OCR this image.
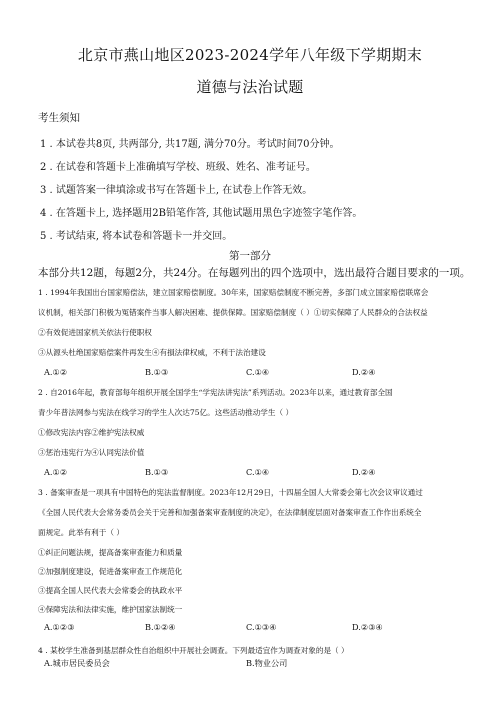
北京市燕山地区2023-2024学年八年级下学期期末
道德与法治试题
考生须知
1 . 本试卷共8页, 共两部分, 共17题, 满分70分。考试时间70分钟。
2 . 在试卷和答题卡上准确填写学校、班级、姓名、准考证号。
3 . 试题答案一律填涂或书写在答题卡上, 在试卷上作答无效。
4 . 在答题卡上, 选择题用2B铅笔作答, 其他试题用黑色字迹签字笔作答。
5 . 考试结束, 将本试卷和答题卡一并交回。
第一部分
本部分共12题，每题2分，共24分。在每题列出的四个选项中，选出最符合题目要求的一项。
1 . 1994年我国出台国家赔偿法，建立国家赔偿制度。30年来，国家赔偿制度不断完善，多部门成立国家赔偿联席会
议机制，相关部门积极为冤错案件当事人解决困难、提供保障。国家赔偿制度（ ）①切实保障了人民群众的合法权益
②有效促进国家机关依法行使职权
③从源头杜绝国家赔偿案件再发生④有損法律权威，不利于法治建设
A.①②	B.①③	C.①④	D.②④
2 . 自2016年起，教育部每年组织开展全国学生“学宪法讲宪法”系列活动。2023年以来，通过教育部全国
青少年普法网参与宪法在线学习的学生人次达75亿。这些活动推动学生（ ）
①修改宪法内容②维护宪法权威
③惩治违宪行为④认同宪法价值
A.①②	B.①③	C.①④	D.②④
3 . 备案审查是一项具有中国特色的宪法监督制度。2023年12月29日，十四届全国人大常委会第七次会议审议通过
《全国人民代表大会常务委员会关于完善和加强备案审查制度的决定》，在法律制度层面对备案审查工作作出系统全
面规定。此举有利于（ ）
①纠正问题法规，提高备案审查能力和质量
②加强制度建设，促进备案审查工作规范化
③提高全国人民代表大会常委会的执政水平
④保障宪法和法律实施，维护国家法制统一
A.①②③	B.①②④	C.①③④	D.②③④
4 . 某校学生准备到基层群众性自治组织中开展社会调查。下列最适宜作为调查对象的是（ ）
A.城市居民委员会	B.物业公司
